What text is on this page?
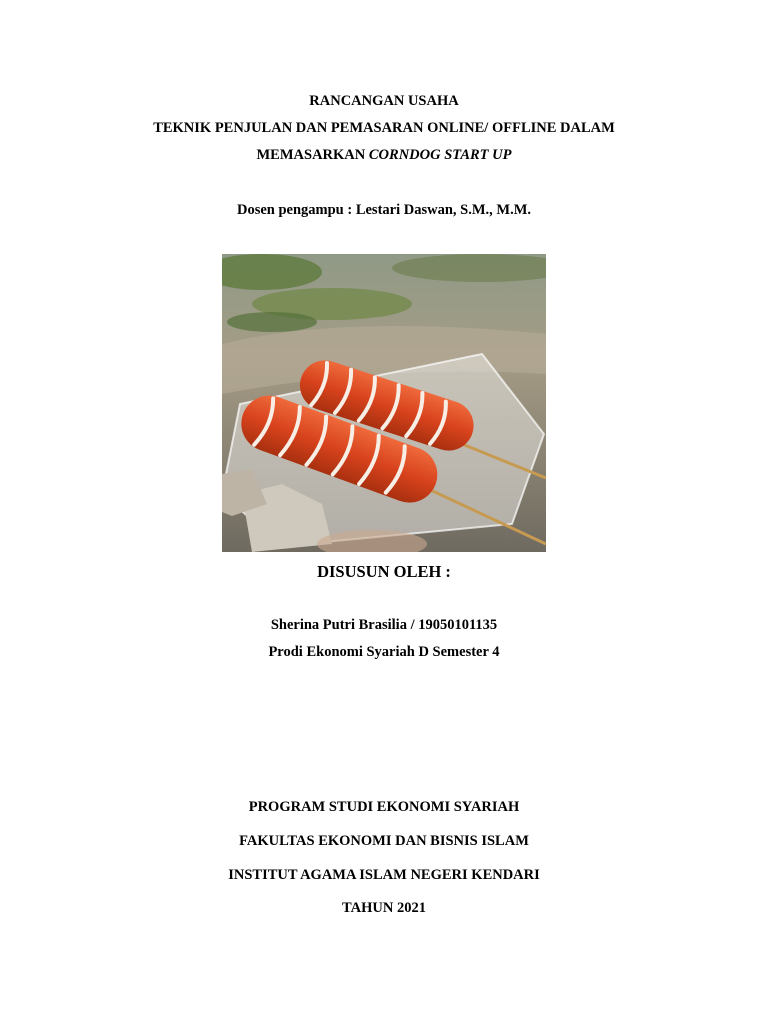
RANCANGAN USAHA
TEKNIK PENJULAN DAN PEMASARAN ONLINE/ OFFLINE DALAM
MEMASARKAN CORNDOG START UP
Dosen pengampu : Lestari Daswan, S.M., M.M.
DISUSUN OLEH :
Sherina Putri Brasilia / 19050101135
Prodi Ekonomi Syariah D Semester 4
PROGRAM STUDI EKONOMI SYARIAH
FAKULTAS EKONOMI DAN BISNIS ISLAM
INSTITUT AGAMA ISLAM NEGERI KENDARI
TAHUN 2021
